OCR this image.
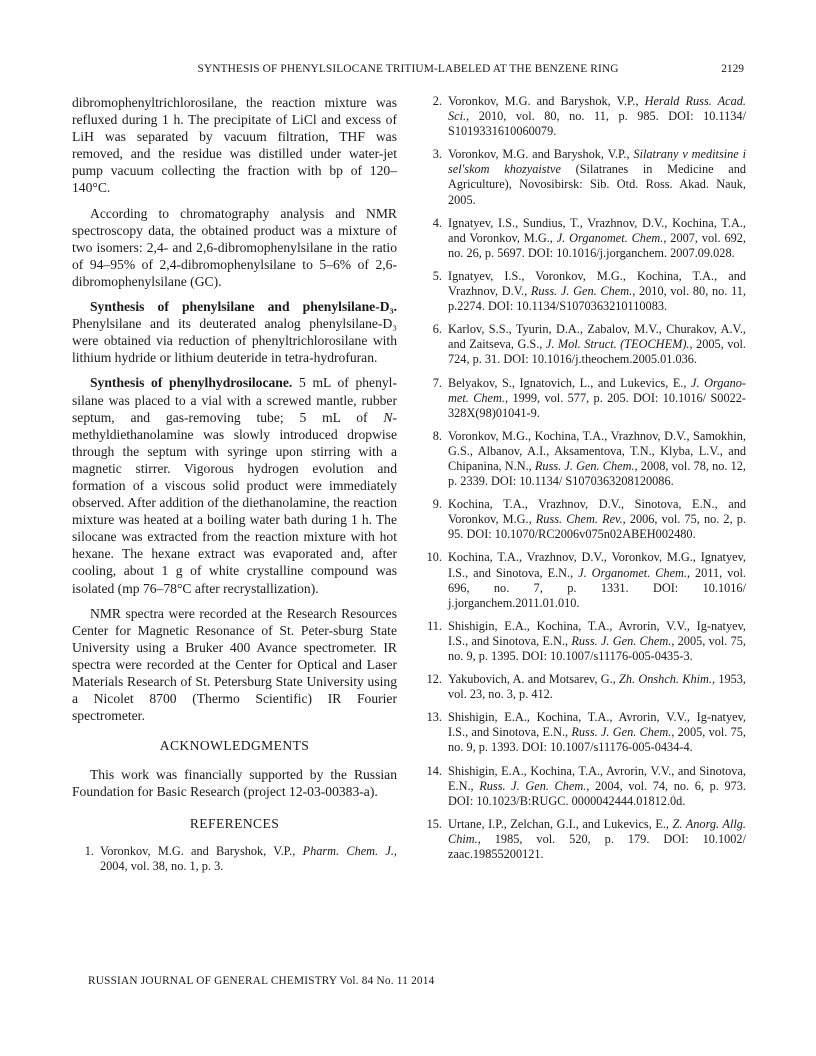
SYNTHESIS OF PHENYLSILOCANE TRITIUM-LABELED AT THE BENZENE RING	2129

dibromophenyltrichlorosilane, the reaction mixture was refluxed during 1 h. The precipitate of LiCl and excess of LiH was separated by vacuum filtration, THF was removed, and the residue was distilled under water-jet pump vacuum collecting the fraction with bp of 120–140°C.

According to chromatography analysis and NMR spectroscopy data, the obtained product was a mixture of two isomers: 2,4- and 2,6-dibromophenylsilane in the ratio of 94–95% of 2,4-dibromophenylsilane to 5–6% of 2,6-dibromophenylsilane (GC).

Synthesis of phenylsilane and phenylsilane-D₃. Phenylsilane and its deuterated analog phenylsilane-D₃ were obtained via reduction of phenyltrichlorosilane with lithium hydride or lithium deuteride in tetra-hydrofuran.

Synthesis of phenylhydrosilocane. 5 mL of phenyl-silane was placed to a vial with a screwed mantle, rubber septum, and gas-removing tube; 5 mL of N-methyldiethanolamine was slowly introduced dropwise through the septum with syringe upon stirring with a magnetic stirrer. Vigorous hydrogen evolution and formation of a viscous solid product were immediately observed. After addition of the diethanolamine, the reaction mixture was heated at a boiling water bath during 1 h. The silocane was extracted from the reaction mixture with hot hexane. The hexane extract was evaporated and, after cooling, about 1 g of white crystalline compound was isolated (mp 76–78°C after recrystallization).

NMR spectra were recorded at the Research Resources Center for Magnetic Resonance of St. Peter-sburg State University using a Bruker 400 Avance spectrometer. IR spectra were recorded at the Center for Optical and Laser Materials Research of St. Petersburg State University using a Nicolet 8700 (Thermo Scientific) IR Fourier spectrometer.

ACKNOWLEDGMENTS

This work was financially supported by the Russian Foundation for Basic Research (project 12-03-00383-a).

REFERENCES
1. Voronkov, M.G. and Baryshok, V.P., Pharm. Chem. J., 2004, vol. 38, no. 1, p. 3.
2. Voronkov, M.G. and Baryshok, V.P., Herald Russ. Acad. Sci., 2010, vol. 80, no. 11, p. 985. DOI: 10.1134/ S1019331610060079.
3. Voronkov, M.G. and Baryshok, V.P., Silatrany v meditsine i sel'skom khozyaistve (Silatranes in Medicine and Agriculture), Novosibirsk: Sib. Otd. Ross. Akad. Nauk, 2005.
4. Ignatyev, I.S., Sundius, T., Vrazhnov, D.V., Kochina, T.A., and Voronkov, M.G., J. Organomet. Chem., 2007, vol. 692, no. 26, p. 5697. DOI: 10.1016/j.jorganchem. 2007.09.028.
5. Ignatyev, I.S., Voronkov, M.G., Kochina, T.A., and Vrazhnov, D.V., Russ. J. Gen. Chem., 2010, vol. 80, no. 11, p.2274. DOI: 10.1134/S1070363210110083.
6. Karlov, S.S., Tyurin, D.A., Zabalov, M.V., Churakov, A.V., and Zaitseva, G.S., J. Mol. Struct. (TEOCHEM)., 2005, vol. 724, p. 31. DOI: 10.1016/j.theochem.2005.01.036.
7. Belyakov, S., Ignatovich, L., and Lukevics, E., J. Organo-met. Chem., 1999, vol. 577, p. 205. DOI: 10.1016/ S0022-328X(98)01041-9.
8. Voronkov, M.G., Kochina, T.A., Vrazhnov, D.V., Samokhin, G.S., Albanov, A.I., Aksamentova, T.N., Klyba, L.V., and Chipanina, N.N., Russ. J. Gen. Chem., 2008, vol. 78, no. 12, p. 2339. DOI: 10.1134/ S1070363208120086.
9. Kochina, T.A., Vrazhnov, D.V., Sinotova, E.N., and Voronkov, M.G., Russ. Chem. Rev., 2006, vol. 75, no. 2, p. 95. DOI: 10.1070/RC2006v075n02ABEH002480.
10. Kochina, T.A., Vrazhnov, D.V., Voronkov, M.G., Ignatyev, I.S., and Sinotova, E.N., J. Organomet. Chem., 2011, vol. 696, no. 7, p. 1331. DOI: 10.1016/ j.jorganchem.2011.01.010.
11. Shishigin, E.A., Kochina, T.A., Avrorin, V.V., Ig-natyev, I.S., and Sinotova, E.N., Russ. J. Gen. Chem., 2005, vol. 75, no. 9, p. 1395. DOI: 10.1007/s11176-005-0435-3.
12. Yakubovich, A. and Motsarev, G., Zh. Onshch. Khim., 1953, vol. 23, no. 3, p. 412.
13. Shishigin, E.A., Kochina, T.A., Avrorin, V.V., Ig-natyev, I.S., and Sinotova, E.N., Russ. J. Gen. Chem., 2005, vol. 75, no. 9, p. 1393. DOI: 10.1007/s11176-005-0434-4.
14. Shishigin, E.A., Kochina, T.A., Avrorin, V.V., and Sinotova, E.N., Russ. J. Gen. Chem., 2004, vol. 74, no. 6, p. 973. DOI: 10.1023/B:RUGC. 0000042444.01812.0d.
15. Urtane, I.P., Zelchan, G.I., and Lukevics, E., Z. Anorg. Allg. Chim., 1985, vol. 520, p. 179. DOI: 10.1002/ zaac.19855200121.
RUSSIAN JOURNAL OF GENERAL CHEMISTRY Vol. 84 No. 11 2014
